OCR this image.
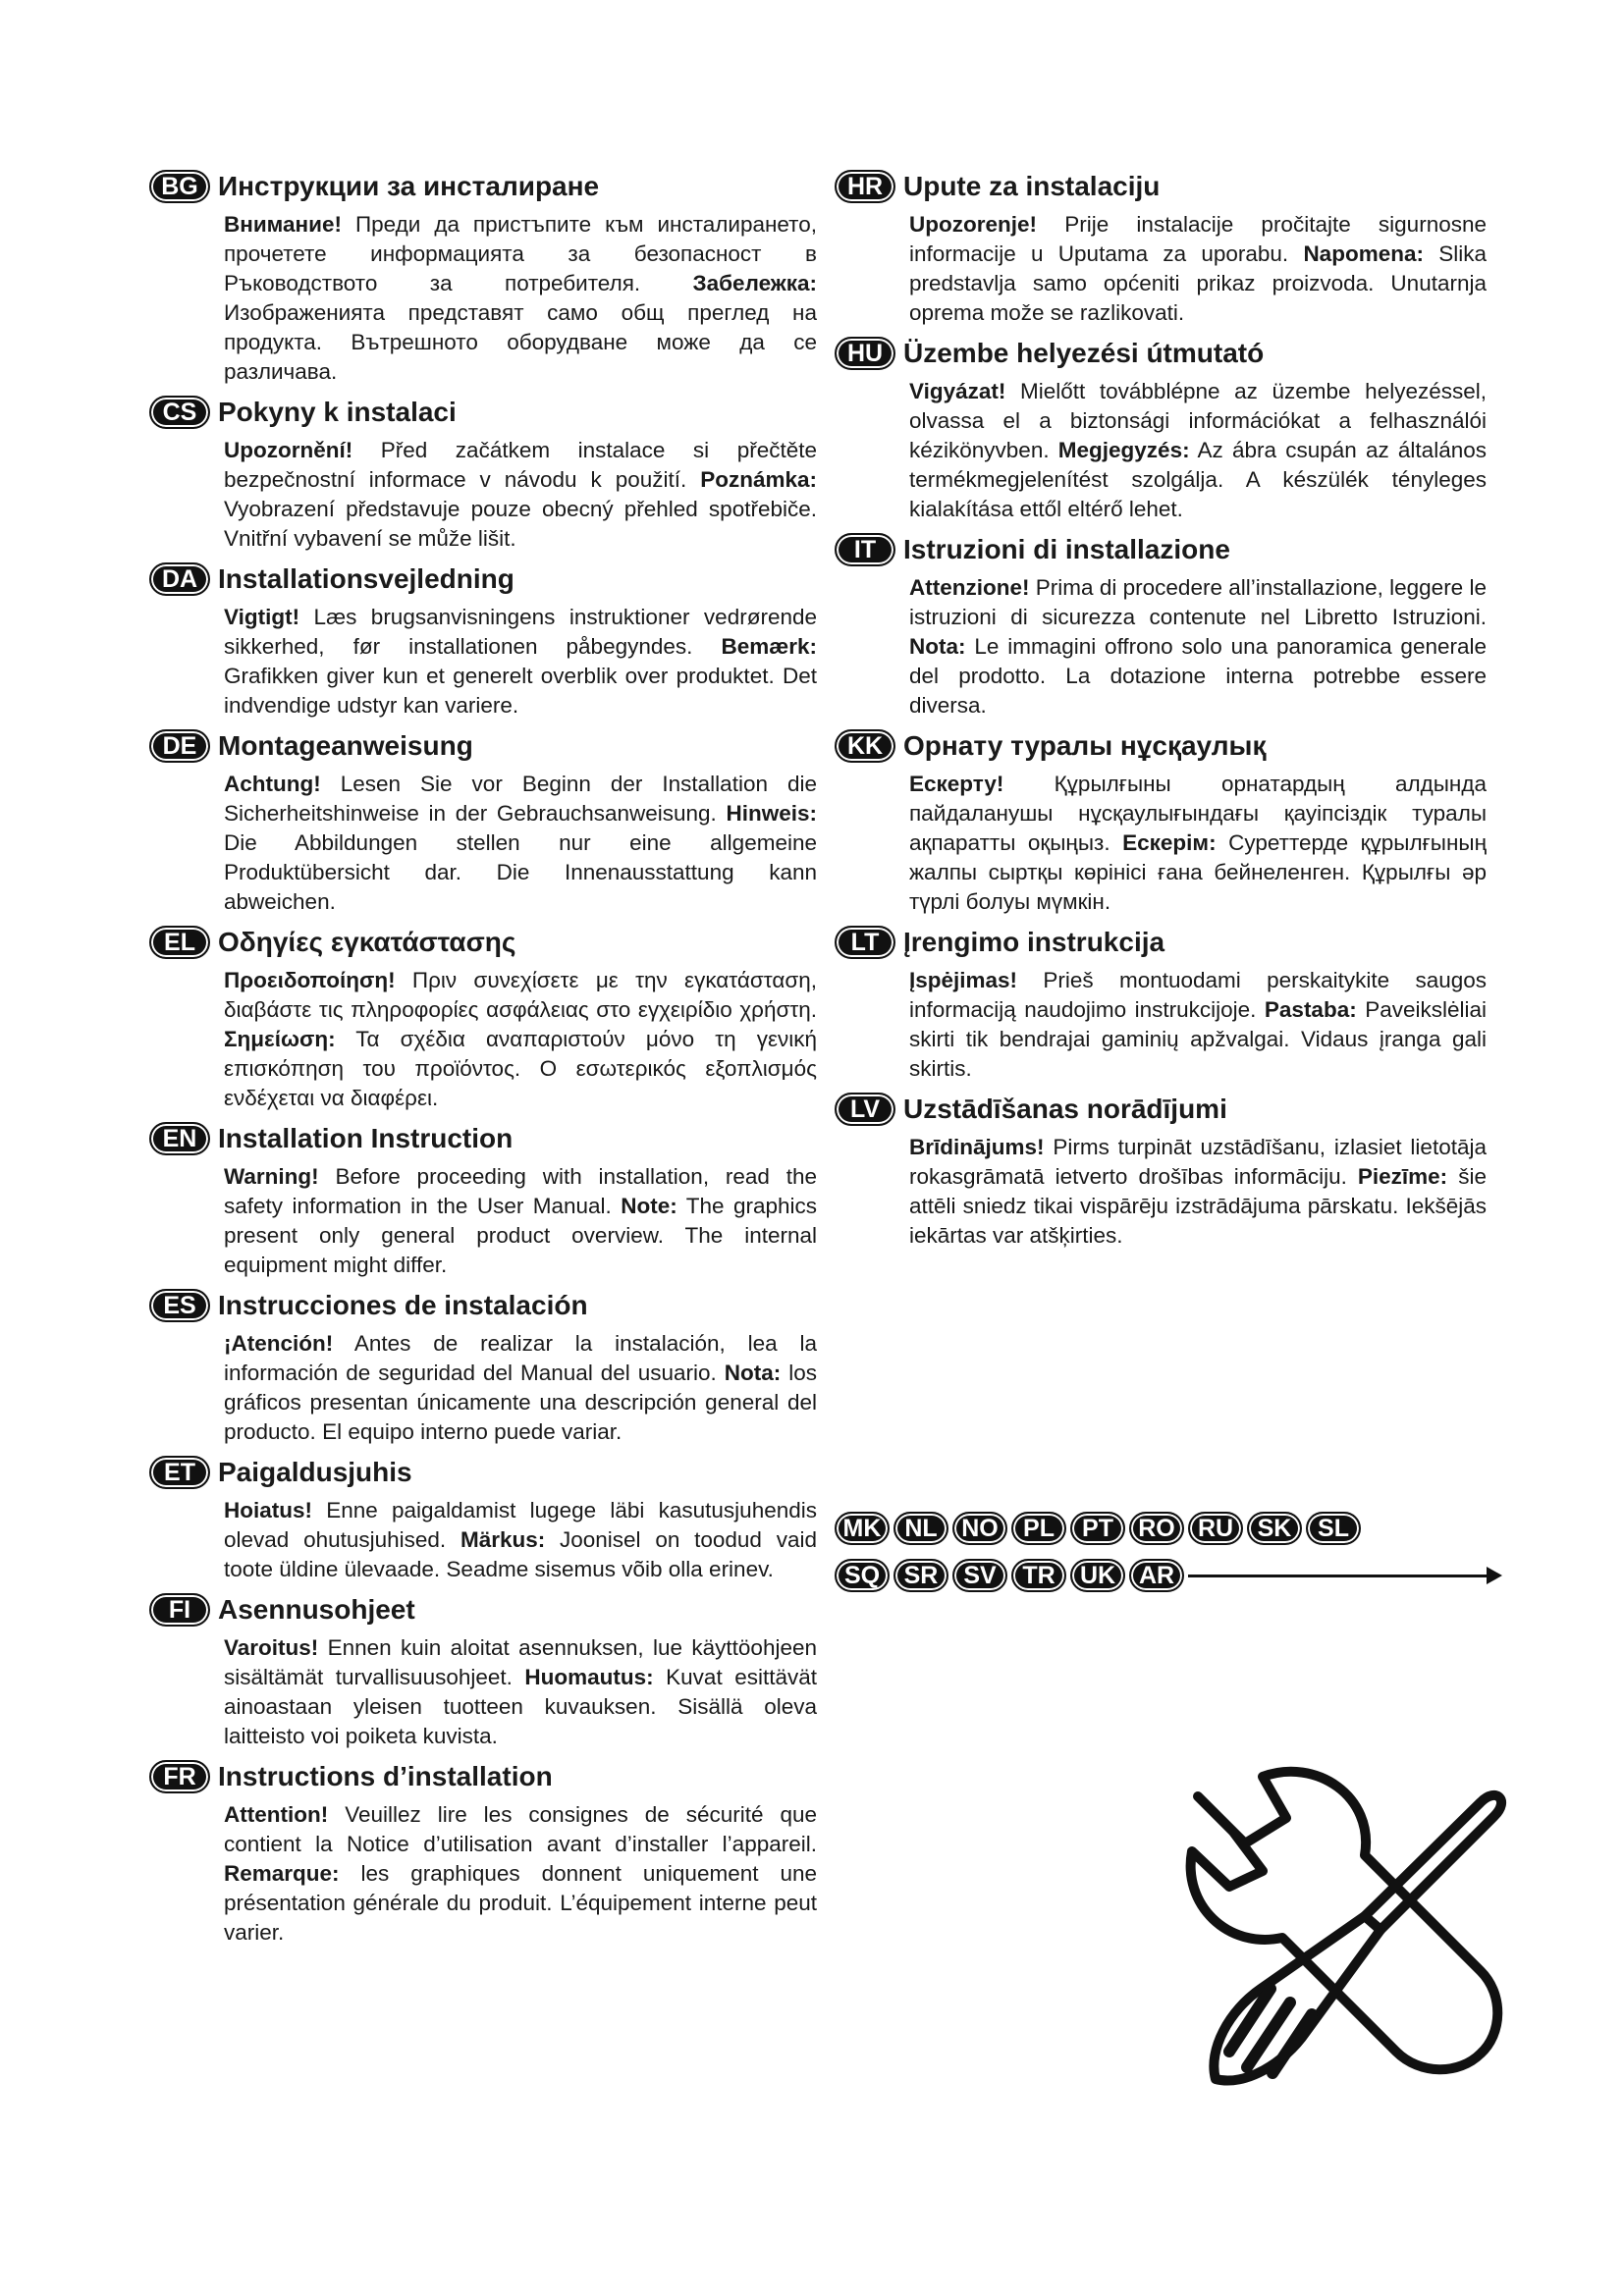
BG Инструкции за инсталиране
Внимание! Преди да пристъпите към инсталирането, прочетете информацията за безопасност в Ръководството за потребителя. Забележка: Изображенията представят само общ преглед на продукта. Вътрешното оборудване може да се различава.
CS Pokyny k instalaci
Upozornění! Před začátkem instalace si přečtěte bezpečnostní informace v návodu k použití. Poznámka: Vyobrazení představuje pouze obecný přehled spotřebiče. Vnitřní vybavení se může lišit.
DA Installationsvejledning
Vigtigt! Læs brugsanvisningens instruktioner vedrørende sikkerhed, før installationen påbegyndes. Bemærk: Grafikken giver kun et generelt overblik over produktet. Det indvendige udstyr kan variere.
DE Montageanweisung
Achtung! Lesen Sie vor Beginn der Installation die Sicherheitshinweise in der Gebrauchsanweisung. Hinweis: Die Abbildungen stellen nur eine allgemeine Produktübersicht dar. Die Innenausstattung kann abweichen.
EL Οδηγίες εγκατάστασης
Προειδοποίηση! Πριν συνεχίσετε με την εγκατάσταση, διαβάστε τις πληροφορίες ασφάλειας στο εγχειρίδιο χρήστη. Σημείωση: Τα σχέδια αναπαριστούν μόνο τη γενική επισκόπηση του προϊόντος. Ο εσωτερικός εξοπλισμός ενδέχεται να διαφέρει.
EN Installation Instruction
Warning! Before proceeding with installation, read the safety information in the User Manual. Note: The graphics present only general product overview. The internal equipment might differ.
ES Instrucciones de instalación
¡Atención! Antes de realizar la instalación, lea la información de seguridad del Manual del usuario. Nota: los gráficos presentan únicamente una descripción general del producto. El equipo interno puede variar.
ET Paigaldusjuhis
Hoiatus! Enne paigaldamist lugege läbi kasutusjuhendis olevad ohutusjuhised. Märkus: Joonisel on toodud vaid toote üldine ülevaade. Seadme sisemus võib olla erinev.
FI Asennusohjeet
Varoitus! Ennen kuin aloitat asennuksen, lue käyttöohjeen sisältämät turvallisuusohjeet. Huomautus: Kuvat esittävät ainoastaan yleisen tuotteen kuvauksen. Sisällä oleva laitteisto voi poiketa kuvista.
FR Instructions d’installation
Attention! Veuillez lire les consignes de sécurité que contient la Notice d’utilisation avant d’installer l’appareil. Remarque: les graphiques donnent uniquement une présentation générale du produit. L’équipement interne peut varier.
HR Upute za instalaciju
Upozorenje! Prije instalacije pročitajte sigurnosne informacije u Uputama za uporabu. Napomena: Slika predstavlja samo općeniti prikaz proizvoda. Unutarnja oprema može se razlikovati.
HU Üzembe helyezési útmutató
Vigyázat! Mielőtt továbblépne az üzembe helyezéssel, olvassa el a biztonsági információkat a felhasználói kézikönyvben. Megjegyzés: Az ábra csupán az általános termékmegjelenítést szolgálja. A készülék tényleges kialakítása ettől eltérő lehet.
IT Istruzioni di installazione
Attenzione! Prima di procedere all’installazione, leggere le istruzioni di sicurezza contenute nel Libretto Istruzioni. Nota: Le immagini offrono solo una panoramica generale del prodotto. La dotazione interna potrebbe essere diversa.
KK Орнату туралы нұсқаулық
Ескерту! Құрылғыны орнатардың алдында пайдаланушы нұсқаулығындағы қауіпсіздік туралы ақпаратты оқыңыз. Ескерім: Суреттерде құрылғының жалпы сыртқы көрінісі ғана бейнеленген. Құрылғы әр түрлі болуы мүмкін.
LT Įrengimo instrukcija
Įspėjimas! Prieš montuodami perskaitykite saugos informaciją naudojimo instrukcijoje. Pastaba: Paveikslėliai skirti tik bendrajai gaminių apžvalgai. Vidaus įranga gali skirtis.
LV Uzstādīšanas norādījumi
Brīdinājums! Pirms turpināt uzstādīšanu, izlasiet lietotāja rokasgrāmatā ietverto drošības informāciju. Piezīme: šie attēli sniedz tikai vispārēju izstrādājuma pārskatu. Iekšējās iekārtas var atšķirties.
MK NL NO	PL	PT	RO RU SK	SL
SQ SR	SV	TR	UK AR
